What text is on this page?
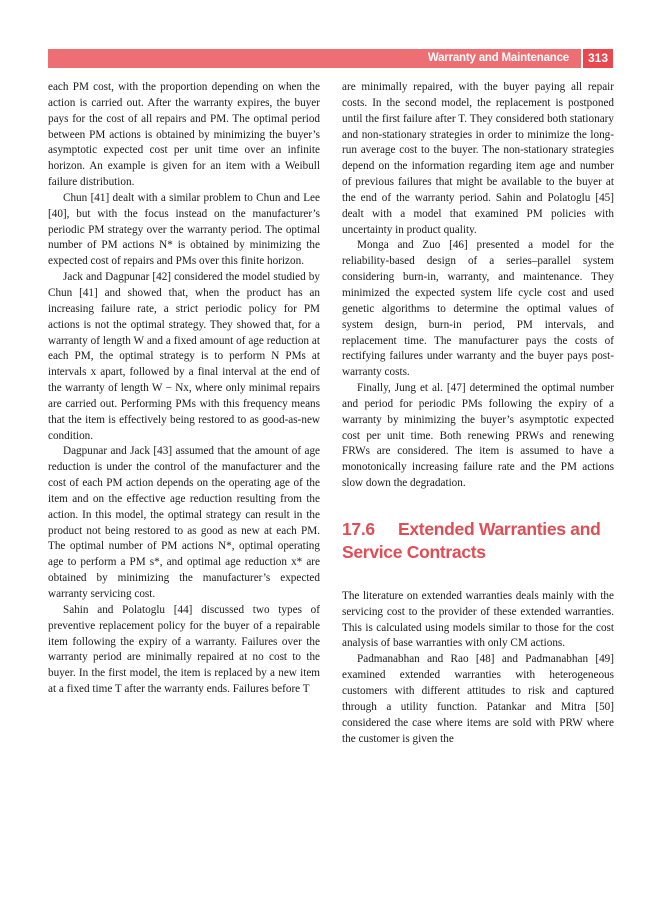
Warranty and Maintenance	313

each PM cost, with the proportion depending on when the action is carried out. After the warranty expires, the buyer pays for the cost of all repairs and PM. The optimal period between PM actions is obtained by minimizing the buyer’s asymptotic expected cost per unit time over an infinite horizon. An example is given for an item with a Weibull failure distribution.

Chun [41] dealt with a similar problem to Chun and Lee [40], but with the focus instead on the manufacturer’s periodic PM strategy over the warranty period. The optimal number of PM actions N* is obtained by minimizing the expected cost of repairs and PMs over this finite horizon.

Jack and Dagpunar [42] considered the model studied by Chun [41] and showed that, when the product has an increasing failure rate, a strict periodic policy for PM actions is not the optimal strategy. They showed that, for a warranty of length W and a fixed amount of age reduction at each PM, the optimal strategy is to perform N PMs at intervals x apart, followed by a final interval at the end of the warranty of length W − Nx, where only minimal repairs are carried out. Performing PMs with this frequency means that the item is effectively being restored to as good-as-new condition.

Dagpunar and Jack [43] assumed that the amount of age reduction is under the control of the manufacturer and the cost of each PM action depends on the operating age of the item and on the effective age reduction resulting from the action. In this model, the optimal strategy can result in the product not being restored to as good as new at each PM. The optimal number of PM actions N*, optimal operating age to perform a PM s*, and optimal age reduction x* are obtained by minimizing the manufacturer’s expected warranty servicing cost.

Sahin and Polatoglu [44] discussed two types of preventive replacement policy for the buyer of a repairable item following the expiry of a warranty. Failures over the warranty period are minimally repaired at no cost to the buyer. In the first model, the item is replaced by a new item at a fixed time T after the warranty ends. Failures before T

are minimally repaired, with the buyer paying all repair costs. In the second model, the replacement is postponed until the first failure after T. They considered both stationary and non-stationary strategies in order to minimize the long-run average cost to the buyer. The non-stationary strategies depend on the information regarding item age and number of previous failures that might be available to the buyer at the end of the warranty period. Sahin and Polatoglu [45] dealt with a model that examined PM policies with uncertainty in product quality.

Monga and Zuo [46] presented a model for the reliability-based design of a series–parallel system considering burn-in, warranty, and maintenance. They minimized the expected system life cycle cost and used genetic algorithms to determine the optimal values of system design, burn-in period, PM intervals, and replacement time. The manufacturer pays the costs of rectifying failures under warranty and the buyer pays post-warranty costs.

Finally, Jung et al. [47] determined the optimal number and period for periodic PMs following the expiry of a warranty by minimizing the buyer’s asymptotic expected cost per unit time. Both renewing PRWs and renewing FRWs are considered. The item is assumed to have a monotonically increasing failure rate and the PM actions slow down the degradation.

17.6 Extended Warranties and Service Contracts

The literature on extended warranties deals mainly with the servicing cost to the provider of these extended warranties. This is calculated using models similar to those for the cost analysis of base warranties with only CM actions.

Padmanabhan and Rao [48] and Padmanabhan [49] examined extended warranties with heterogeneous customers with different attitudes to risk and captured through a utility function. Patankar and Mitra [50] considered the case where items are sold with PRW where the customer is given the
